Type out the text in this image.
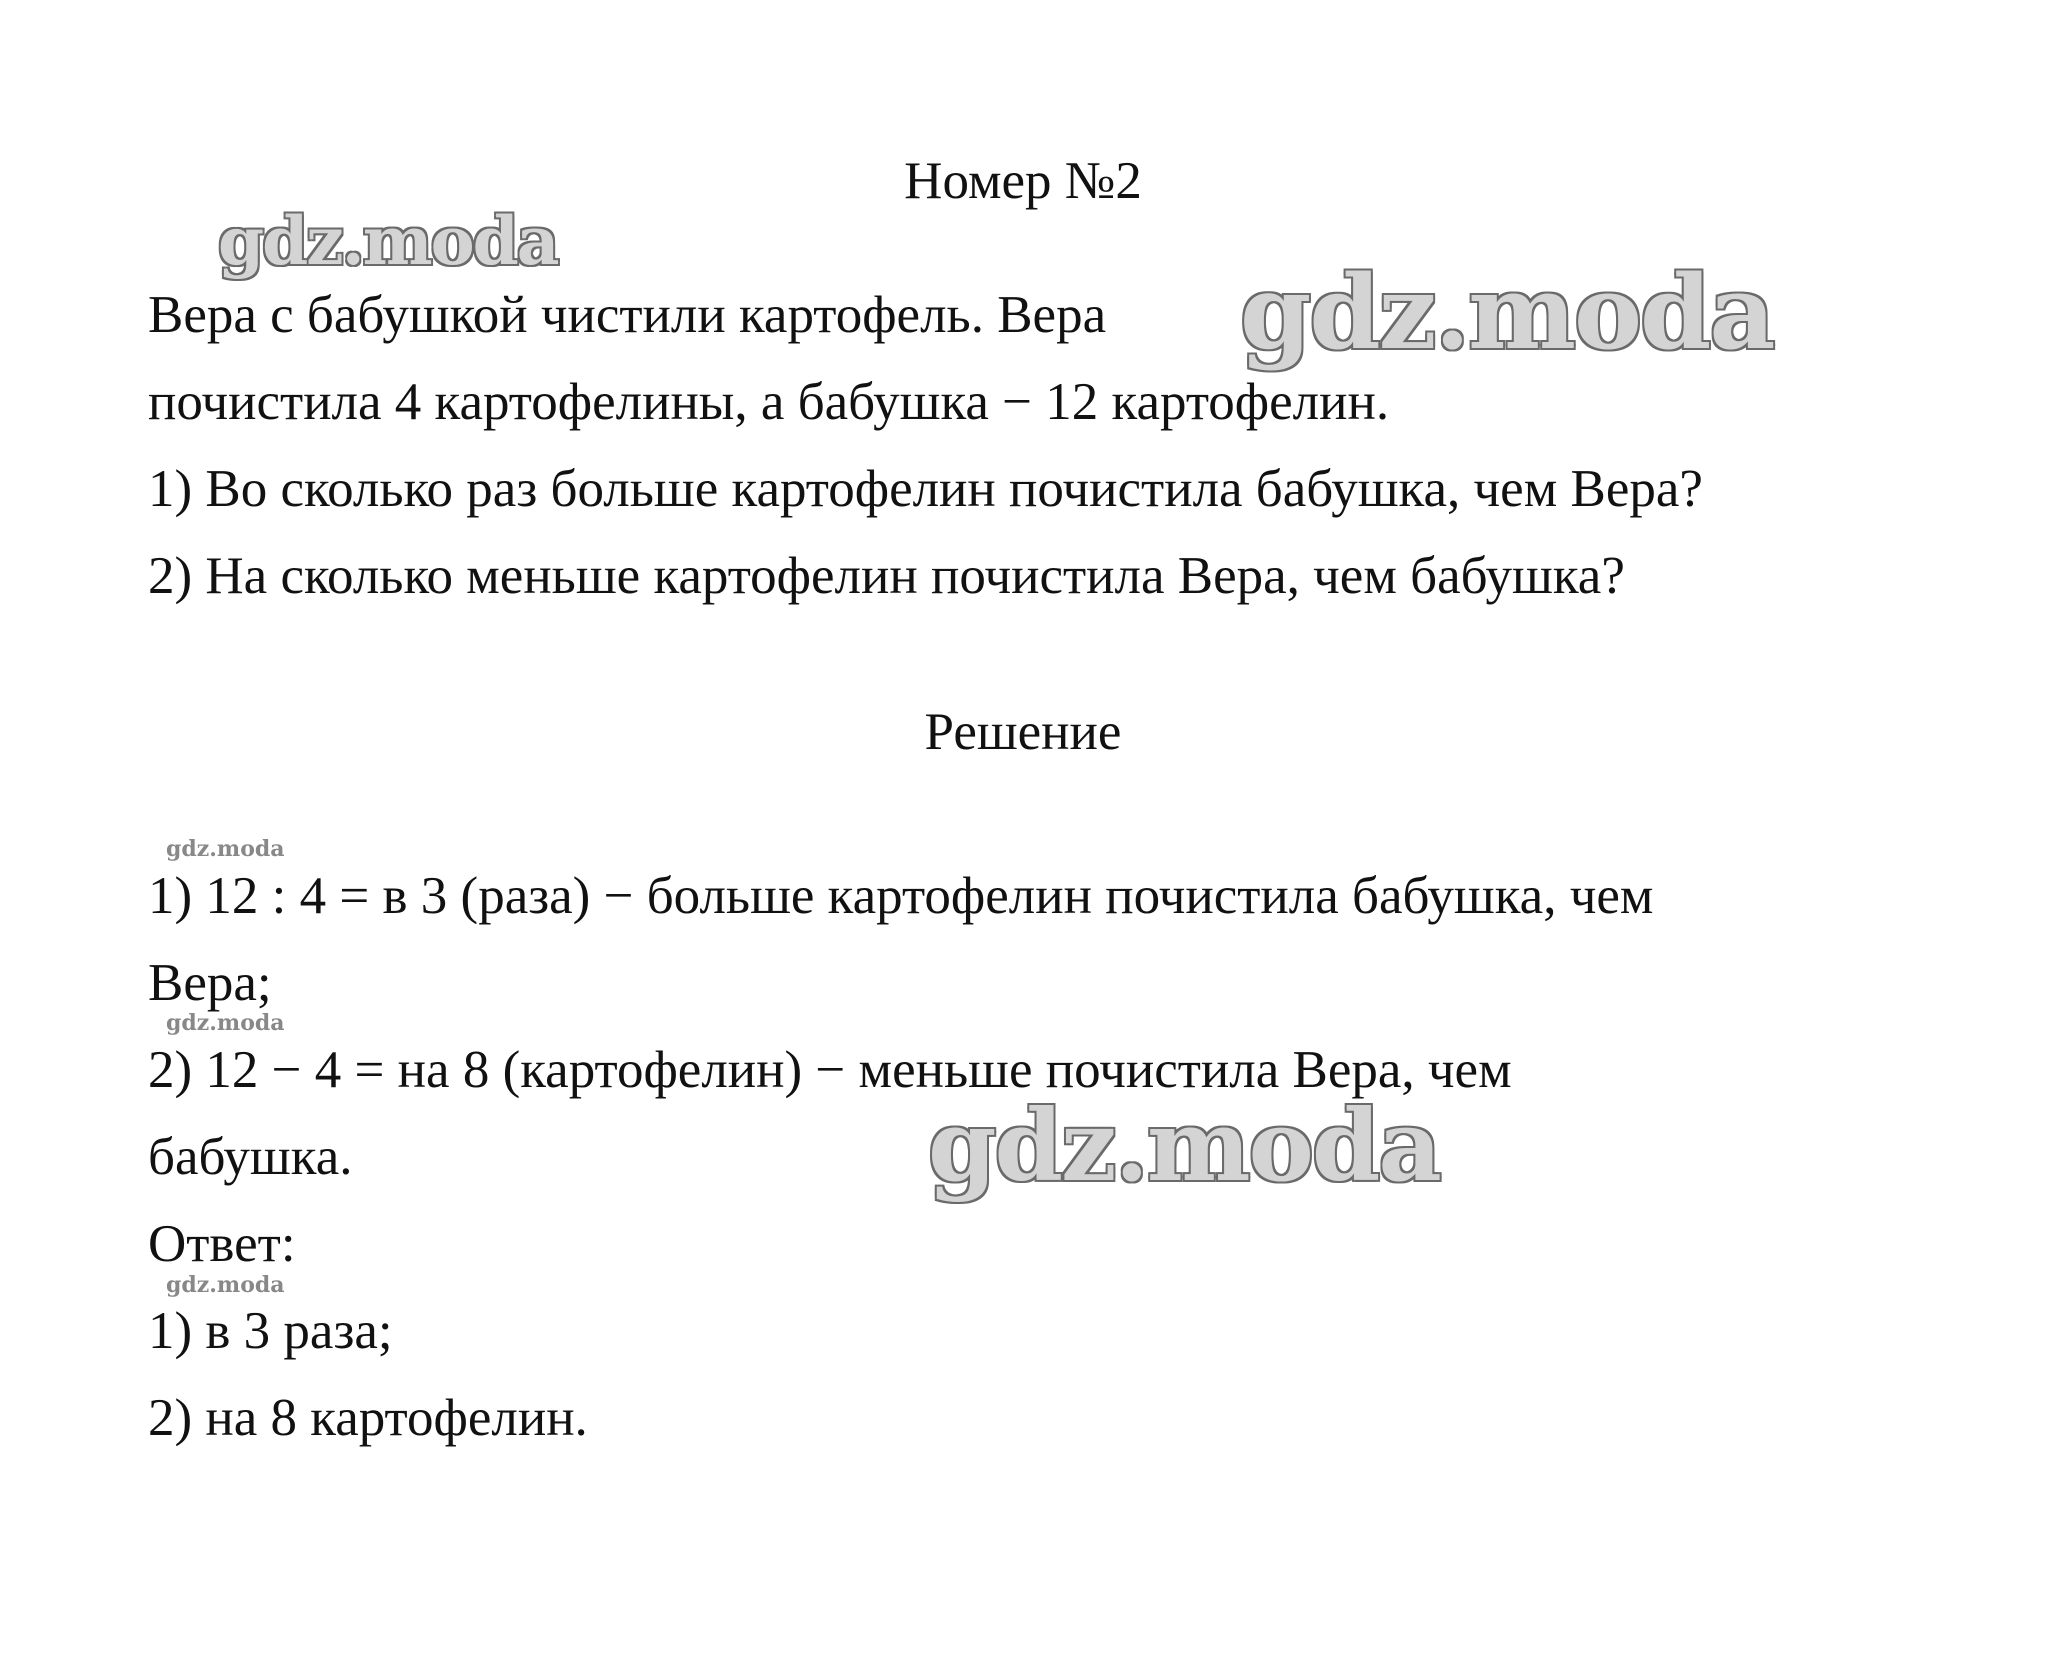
gdz.moda
gdz.moda
gdz.moda
gdz.moda
gdz.moda
gdz.moda
Номер №2
Вера с бабушкой чистили картофель. Вера
почистила 4 картофелины, а бабушка − 12 картофелин.
1) Во сколько раз больше картофелин почистила бабушка, чем Вера?
2) На сколько меньше картофелин почистила Вера, чем бабушка?
Решение
1) 12 : 4 = в 3 (раза) − больше картофелин почистила бабушка, чем
Вера;
2) 12 − 4 = на 8 (картофелин) − меньше почистила Вера, чем
бабушка.
Ответ:
1) в 3 раза;
2) на 8 картофелин.
